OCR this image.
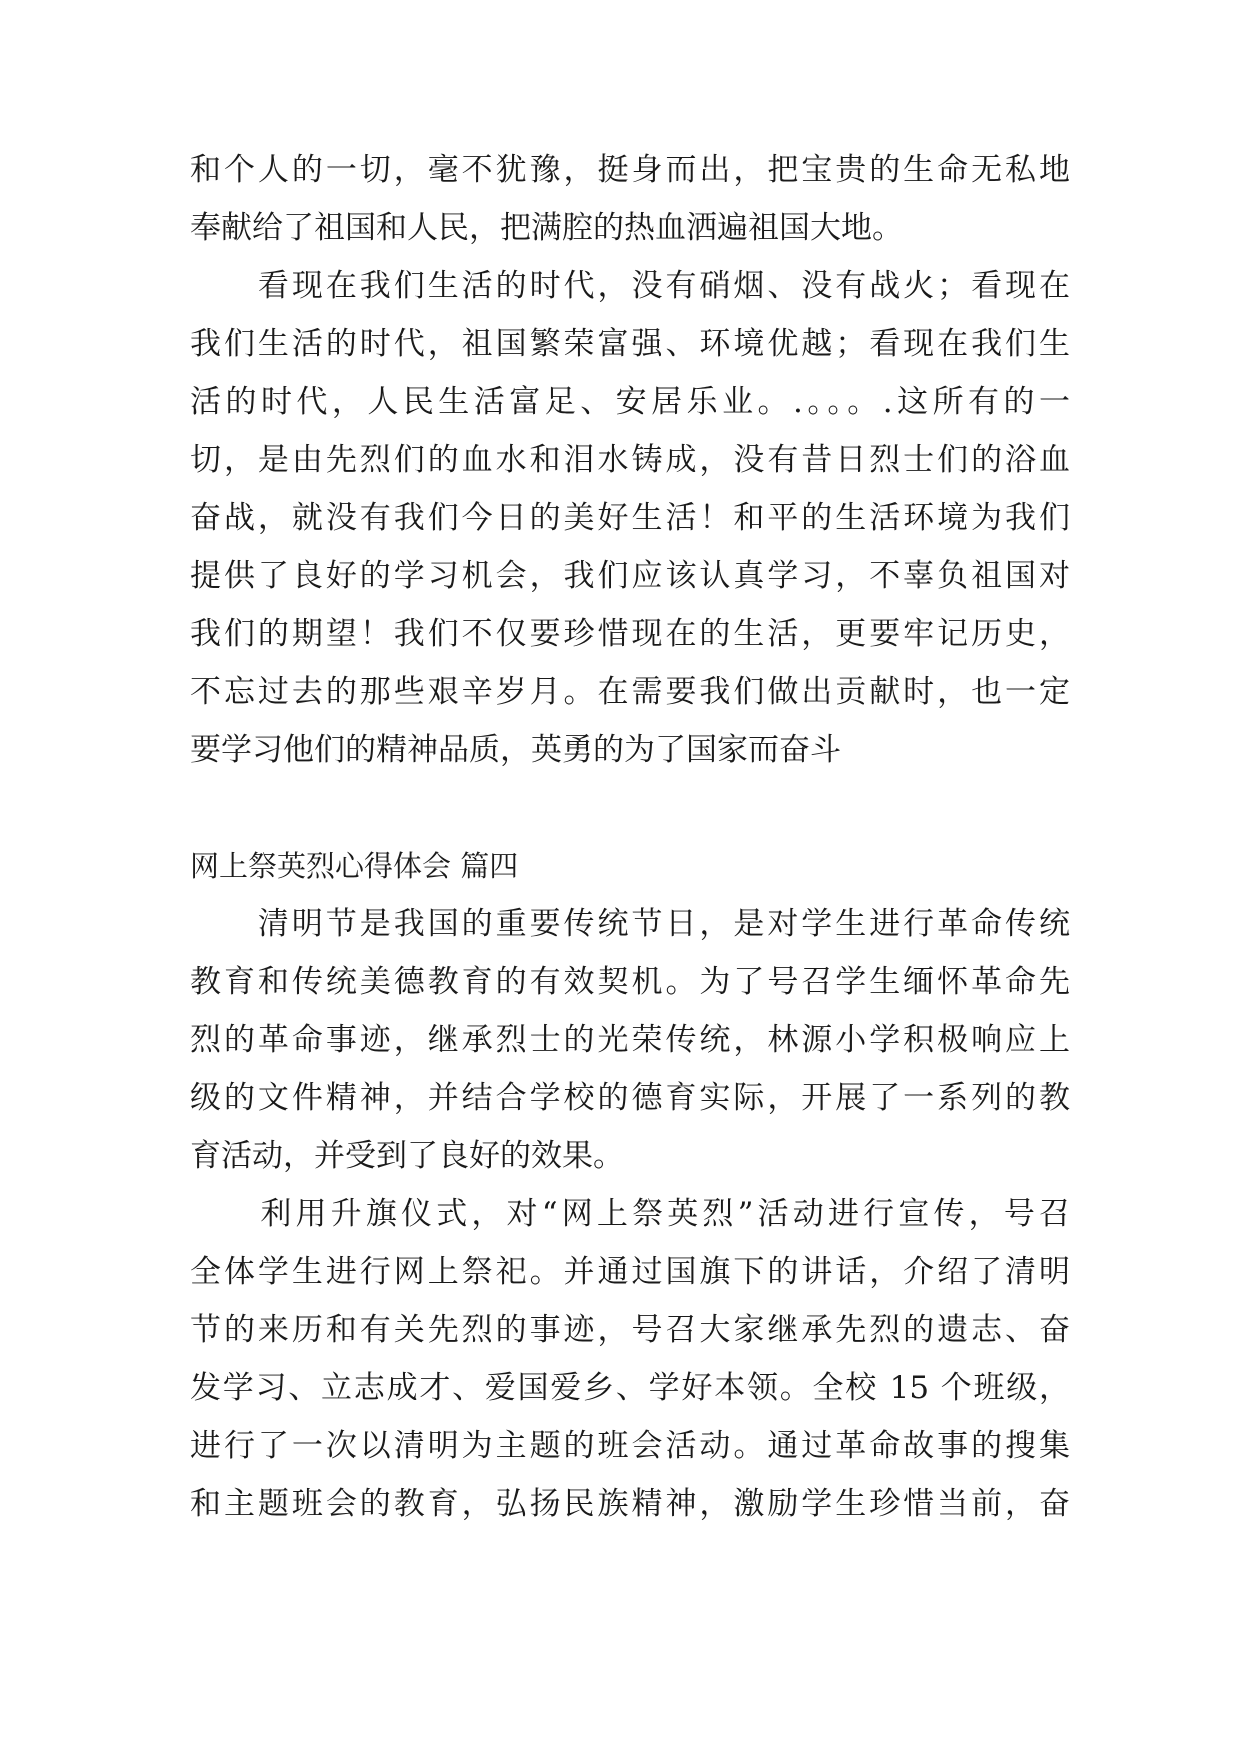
和个人的一切，毫不犹豫，挺身而出，把宝贵的生命无私地
奉献给了祖国和人民，把满腔的热血洒遍祖国大地。
　　看现在我们生活的时代，没有硝烟、没有战火；看现在
我们生活的时代，祖国繁荣富强、环境优越；看现在我们生
活的时代，人民生活富足、安居乐业。.。。。.这所有的一
切，是由先烈们的血水和泪水铸成，没有昔日烈士们的浴血
奋战，就没有我们今日的美好生活！和平的生活环境为我们
提供了良好的学习机会，我们应该认真学习，不辜负祖国对
我们的期望！我们不仅要珍惜现在的生活，更要牢记历史，
不忘过去的那些艰辛岁月。在需要我们做出贡献时，也一定
要学习他们的精神品质，英勇的为了国家而奋斗
网上祭英烈心得体会 篇四
　　清明节是我国的重要传统节日，是对学生进行革命传统
教育和传统美德教育的有效契机。为了号召学生缅怀革命先
烈的革命事迹，继承烈士的光荣传统，林源小学积极响应上
级的文件精神，并结合学校的德育实际，开展了一系列的教
育活动，并受到了良好的效果。
　　利用升旗仪式，对“网上祭英烈”活动进行宣传，号召
全体学生进行网上祭祀。并通过国旗下的讲话，介绍了清明
节的来历和有关先烈的事迹，号召大家继承先烈的遗志、奋
发学习、立志成才、爱国爱乡、学好本领。全校 15 个班级，
进行了一次以清明为主题的班会活动。通过革命故事的搜集
和主题班会的教育，弘扬民族精神，激励学生珍惜当前，奋
